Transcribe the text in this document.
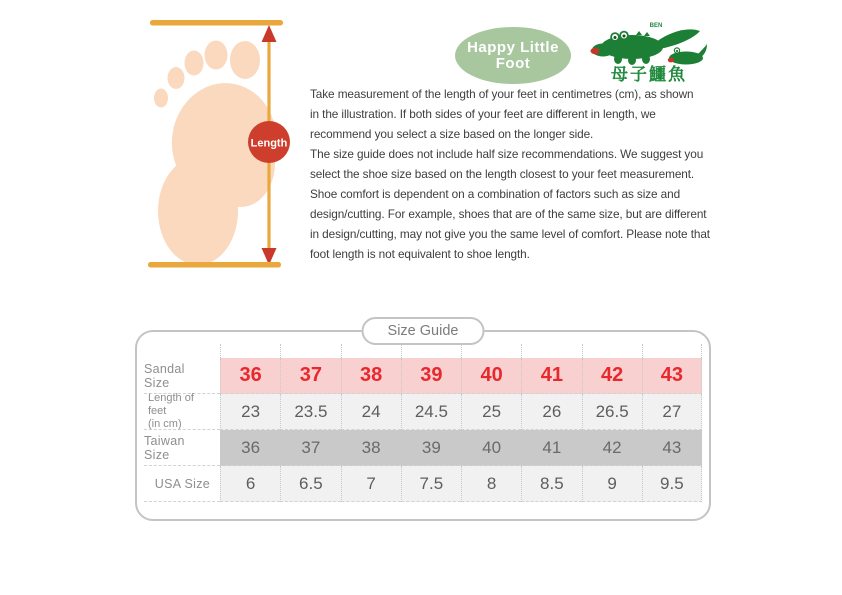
Length
Happy Little
Foot
BEN
母子鱷魚
Take measurement of the length of your feet in centimetres (cm), as shown
in the illustration. If both sides of your feet are different in length, we
recommend you select a size based on the longer side.
The size guide does not include half size recommendations. We suggest you
select the shoe size based on the length closest to your feet measurement.
Shoe comfort is dependent on a combination of factors such as size and
design/cutting. For example, shoes that are of the same size, but are different
in design/cutting, may not give you the same level of comfort. Please note that
foot length is not equivalent to shoe length.
Size Guide
Sandal Size	36	37	38	39	40	41	42	43
Length of feet
(in cm)
23	23.5	24	24.5	25	26	26.5	27
Taiwan Size	36	37	38	39	40	41	42	43
USA Size	6	6.5	7	7.5	8	8.5	9	9.5
